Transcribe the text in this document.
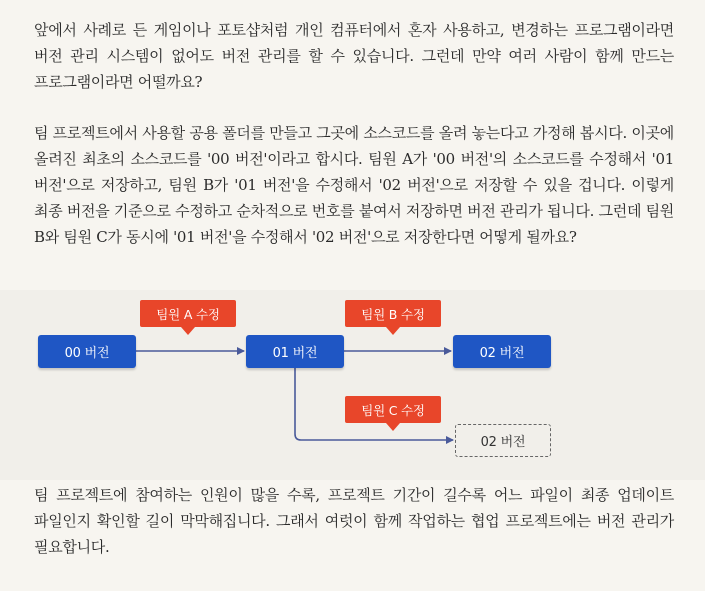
앞에서 사례로 든 게임이나 포토샵처럼 개인 컴퓨터에서 혼자 사용하고, 변경하는 프로그램이라면 버전 관리 시스템이 없어도 버전 관리를 할 수 있습니다. 그런데 만약 여러 사람이 함께 만드는 프로그램이라면 어떨까요?

팀 프로젝트에서 사용할 공용 폴더를 만들고 그곳에 소스코드를 올려 놓는다고 가정해 봅시다. 이곳에 올려진 최초의 소스코드를 '00 버전'이라고 합시다. 팀원 A가 '00 버전'의 소스코드를 수정해서 '01 버전'으로 저장하고, 팀원 B가 '01 버전'을 수정해서 '02 버전'으로 저장할 수 있을 겁니다. 이렇게 최종 버전을 기준으로 수정하고 순차적으로 번호를 붙여서 저장하면 버전 관리가 됩니다. 그런데 팀원 B와 팀원 C가 동시에 '01 버전'을 수정해서 '02 버전'으로 저장한다면 어떻게 될까요?

00 버전	01 버전	02 버전
02 버전
팀원 A 수정	팀원 B 수정
팀원 C 수정

팀 프로젝트에 참여하는 인원이 많을 수록, 프로젝트 기간이 길수록 어느 파일이 최종 업데이트 파일인지 확인할 길이 막막해집니다. 그래서 여럿이 함께 작업하는 협업 프로젝트에는 버전 관리가 필요합니다.
